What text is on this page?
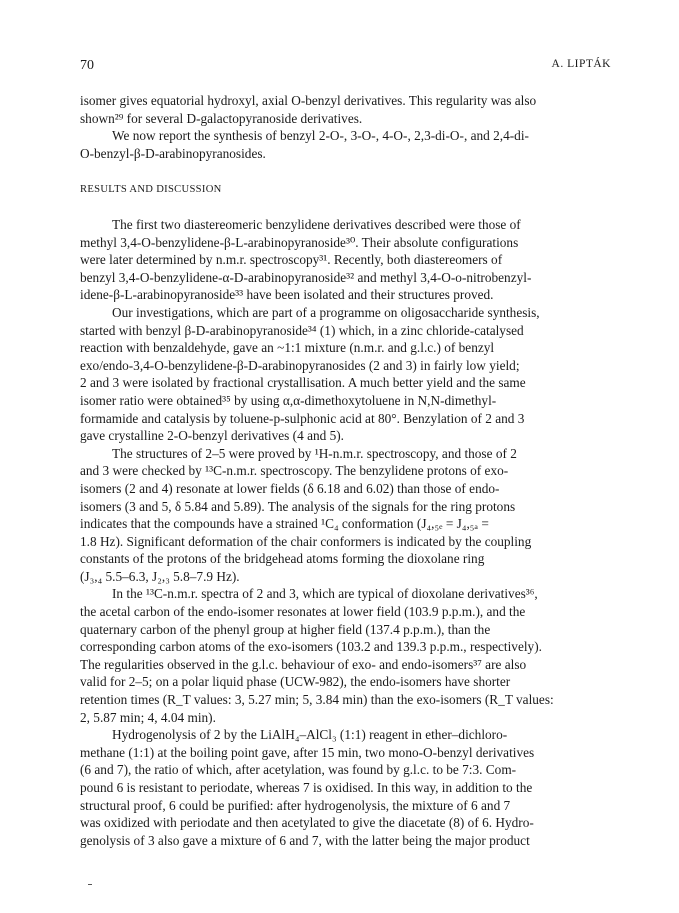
70	A. LIPTÁK
isomer gives equatorial hydroxyl, axial O-benzyl derivatives. This regularity was also
shown²⁹ for several D-galactopyranoside derivatives.
We now report the synthesis of benzyl 2-O-, 3-O-, 4-O-, 2,3-di-O-, and 2,4-di-
O-benzyl-β-D-arabinopyranosides.
RESULTS AND DISCUSSION
The first two diastereomeric benzylidene derivatives described were those of
methyl 3,4-O-benzylidene-β-L-arabinopyranoside³⁰. Their absolute configurations
were later determined by n.m.r. spectroscopy³¹. Recently, both diastereomers of
benzyl 3,4-O-benzylidene-α-D-arabinopyranoside³² and methyl 3,4-O-o-nitrobenzyl-
idene-β-L-arabinopyranoside³³ have been isolated and their structures proved.
Our investigations, which are part of a programme on oligosaccharide synthesis,
started with benzyl β-D-arabinopyranoside³⁴ (1) which, in a zinc chloride-catalysed
reaction with benzaldehyde, gave an ~1:1 mixture (n.m.r. and g.l.c.) of benzyl
exo/endo-3,4-O-benzylidene-β-D-arabinopyranosides (2 and 3) in fairly low yield;
2 and 3 were isolated by fractional crystallisation. A much better yield and the same
isomer ratio were obtained³⁵ by using α,α-dimethoxytoluene in N,N-dimethyl-
formamide and catalysis by toluene-p-sulphonic acid at 80°. Benzylation of 2 and 3
gave crystalline 2-O-benzyl derivatives (4 and 5).
The structures of 2–5 were proved by ¹H-n.m.r. spectroscopy, and those of 2
and 3 were checked by ¹³C-n.m.r. spectroscopy. The benzylidene protons of exo-
isomers (2 and 4) resonate at lower fields (δ 6.18 and 6.02) than those of endo-
isomers (3 and 5, δ 5.84 and 5.89). The analysis of the signals for the ring protons
indicates that the compounds have a strained ¹C₄ conformation (J₄,₅ₑ = J₄,₅ₐ =
1.8 Hz). Significant deformation of the chair conformers is indicated by the coupling
constants of the protons of the bridgehead atoms forming the dioxolane ring
(J₃,₄ 5.5–6.3, J₂,₃ 5.8–7.9 Hz).
In the ¹³C-n.m.r. spectra of 2 and 3, which are typical of dioxolane derivatives³⁶,
the acetal carbon of the endo-isomer resonates at lower field (103.9 p.p.m.), and the
quaternary carbon of the phenyl group at higher field (137.4 p.p.m.), than the
corresponding carbon atoms of the exo-isomers (103.2 and 139.3 p.p.m., respectively).
The regularities observed in the g.l.c. behaviour of exo- and endo-isomers³⁷ are also
valid for 2–5; on a polar liquid phase (UCW-982), the endo-isomers have shorter
retention times (R_T values: 3, 5.27 min; 5, 3.84 min) than the exo-isomers (R_T values:
2, 5.87 min; 4, 4.04 min).
Hydrogenolysis of 2 by the LiAlH₄–AlCl₃ (1:1) reagent in ether–dichloro-
methane (1:1) at the boiling point gave, after 15 min, two mono-O-benzyl derivatives
(6 and 7), the ratio of which, after acetylation, was found by g.l.c. to be 7:3. Com-
pound 6 is resistant to periodate, whereas 7 is oxidised. In this way, in addition to the
structural proof, 6 could be purified: after hydrogenolysis, the mixture of 6 and 7
was oxidized with periodate and then acetylated to give the diacetate (8) of 6. Hydro-
genolysis of 3 also gave a mixture of 6 and 7, with the latter being the major product
